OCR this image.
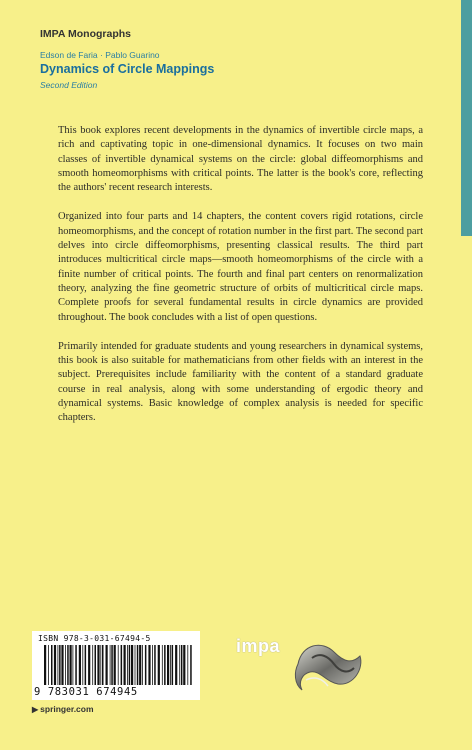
IMPA Monographs
Edson de Faria · Pablo Guarino
Dynamics of Circle Mappings
Second Edition

This book explores recent developments in the dynamics of invertible circle maps, a rich and captivating topic in one-dimensional dynamics. It focuses on two main classes of invertible dynamical systems on the circle: global diffeomorphisms and smooth homeomorphisms with critical points. The latter is the book's core, reflecting the authors' recent research interests.

Organized into four parts and 14 chapters, the content covers rigid rotations, circle homeomorphisms, and the concept of rotation number in the first part. The second part delves into circle diffeomorphisms, presenting classical results. The third part introduces multicritical circle maps—smooth homeomorphisms of the circle with a finite number of critical points. The fourth and final part centers on renormalization theory, analyzing the fine geometric structure of orbits of multicritical circle maps. Complete proofs for several fundamental results in circle dynamics are provided throughout. The book concludes with a list of open questions.

Primarily intended for graduate students and young researchers in dynamical systems, this book is also suitable for mathematicians from other fields with an interest in the subject. Prerequisites include familiarity with the content of a standard graduate course in real analysis, along with some understanding of ergodic theory and dynamical systems. Basic knowledge of complex analysis is needed for specific chapters.

ISBN 978-3-031-67494-5
9 783031 674945
impa
▶ springer.com
